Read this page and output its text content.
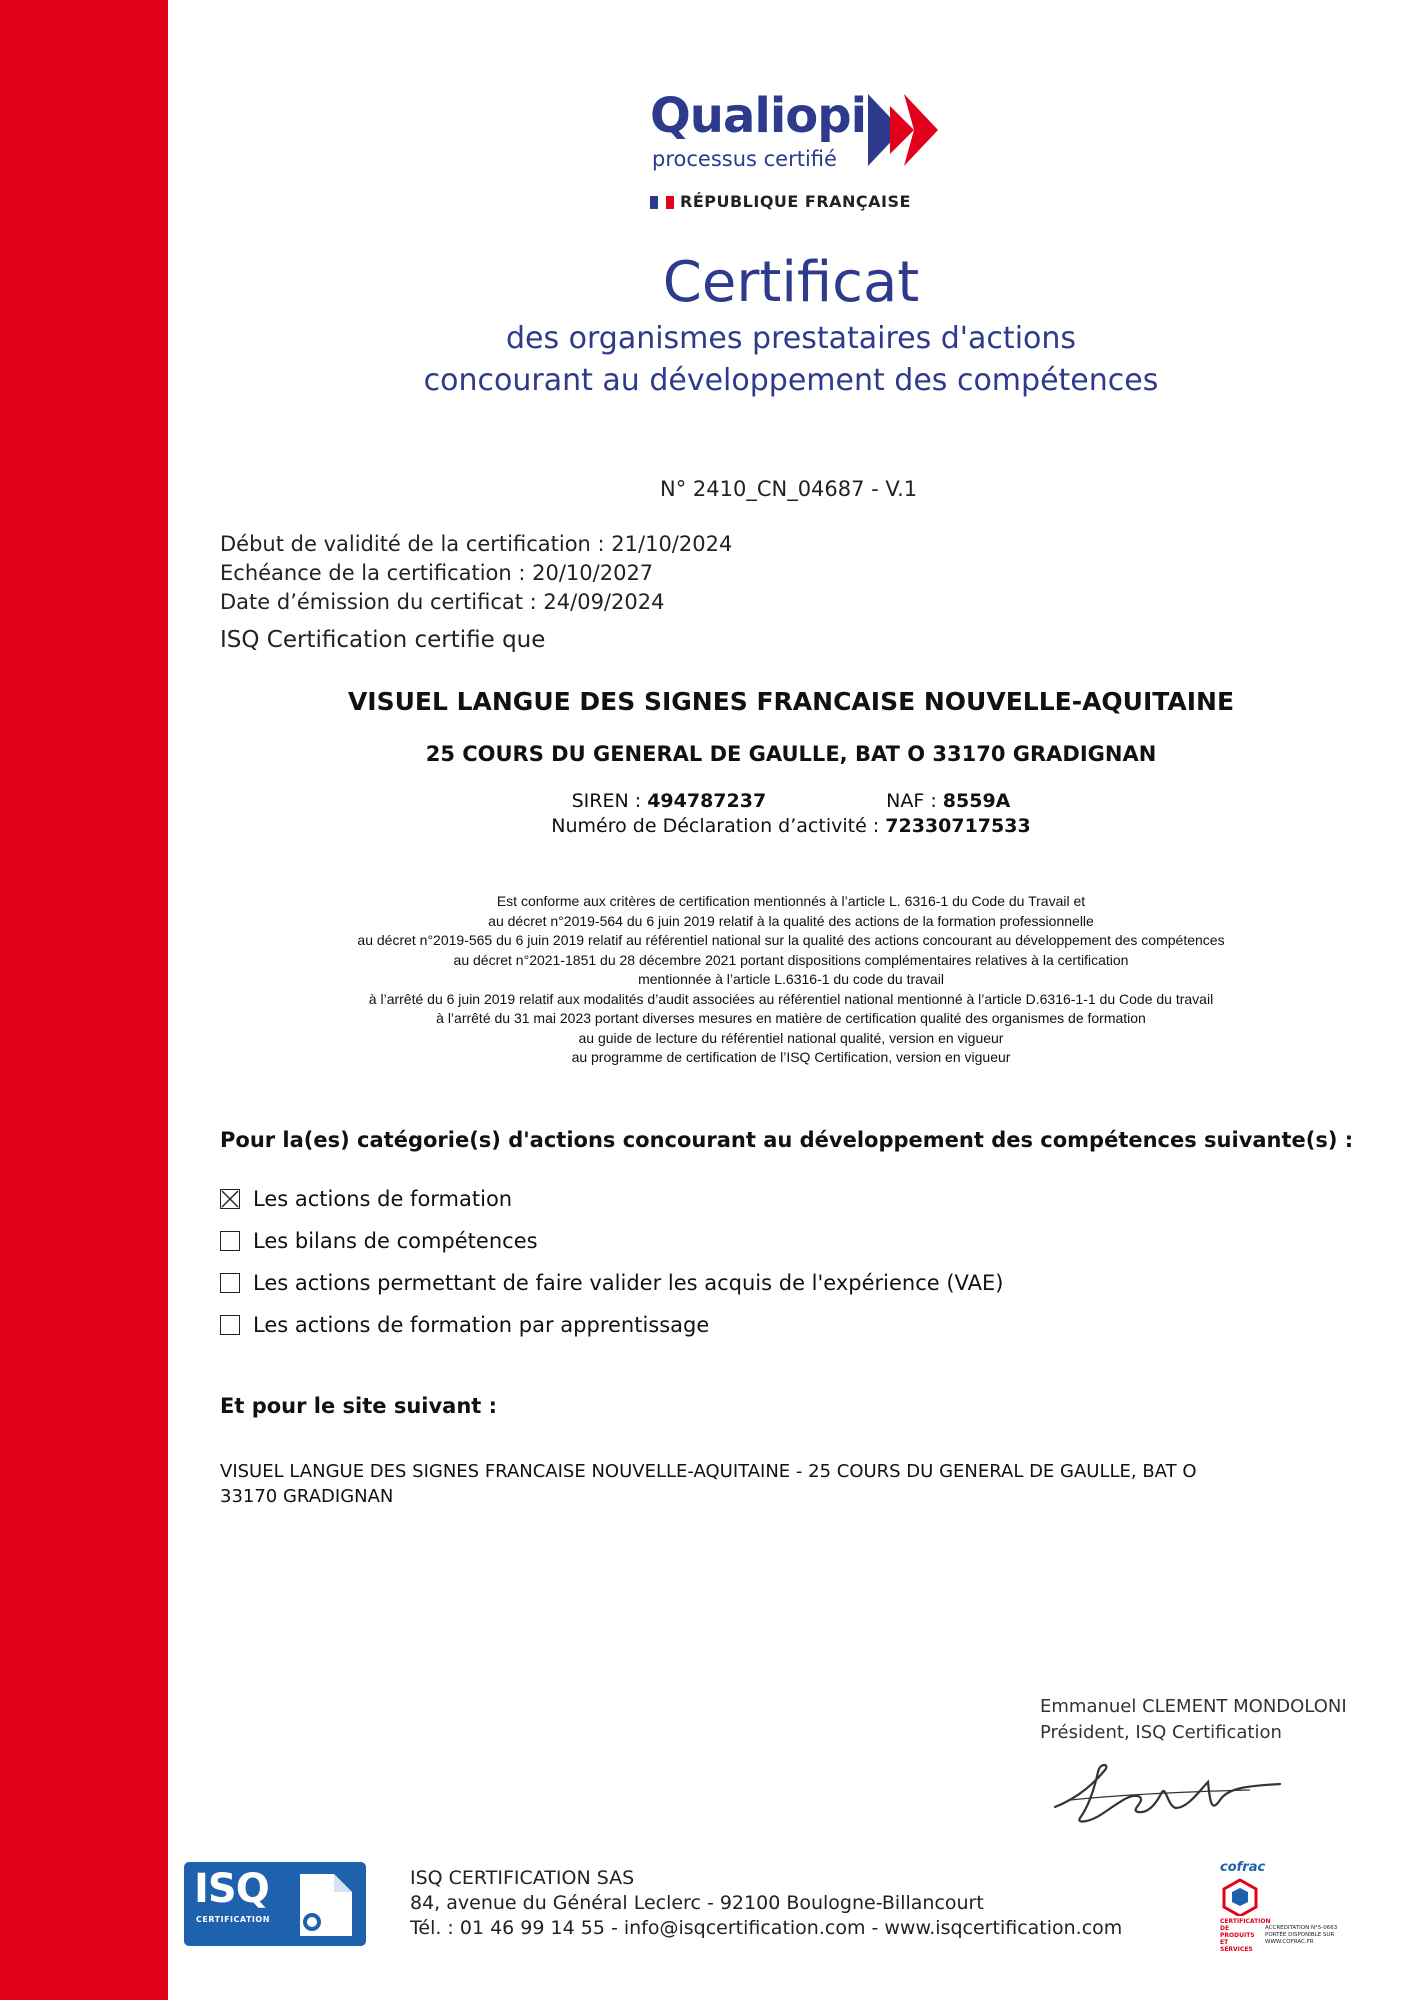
Qualiopi
processus certifié
RÉPUBLIQUE FRANÇAISE
Certificat
des organismes prestataires d'actions
concourant au développement des compétences
N° 2410_CN_04687 - V.1
Début de validité de la certification : 21/10/2024
Echéance de la certification : 20/10/2027
Date d’émission du certificat : 24/09/2024
ISQ Certification certifie que
VISUEL LANGUE DES SIGNES FRANCAISE NOUVELLE-AQUITAINE
25 COURS DU GENERAL DE GAULLE, BAT O 33170 GRADIGNAN
SIREN : 494787237	NAF : 8559A
Numéro de Déclaration d’activité : 72330717533
Est conforme aux critères de certification mentionnés à l’article L. 6316-1 du Code du Travail et
au décret n°2019-564 du 6 juin 2019 relatif à la qualité des actions de la formation professionnelle
au décret n°2019-565 du 6 juin 2019 relatif au référentiel national sur la qualité des actions concourant au développement des compétences
au décret n°2021-1851 du 28 décembre 2021 portant dispositions complémentaires relatives à la certification
mentionnée à l’article L.6316-1 du code du travail
à l’arrêté du 6 juin 2019 relatif aux modalités d’audit associées au référentiel national mentionné à l’article D.6316-1-1 du Code du travail
à l’arrêté du 31 mai 2023 portant diverses mesures en matière de certification qualité des organismes de formation
au guide de lecture du référentiel national qualité, version en vigueur
au programme de certification de l’ISQ Certification, version en vigueur
Pour la(es) catégorie(s) d'actions concourant au développement des compétences suivante(s) :
Les actions de formation
Les bilans de compétences
Les actions permettant de faire valider les acquis de l'expérience (VAE)
Les actions de formation par apprentissage
Et pour le site suivant :
VISUEL LANGUE DES SIGNES FRANCAISE NOUVELLE-AQUITAINE - 25 COURS DU GENERAL DE GAULLE, BAT O
33170 GRADIGNAN
Emmanuel CLEMENT MONDOLONI
Président, ISQ Certification
ISQ
CERTIFICATION
ISQ CERTIFICATION SAS
84, avenue du Général Leclerc - 92100 Boulogne-Billancourt
Tél. : 01 46 99 14 55 - info@isqcertification.com - www.isqcertification.com
cofrac
CERTIFICATION DE PRODUITS ET SERVICES
ACCREDITATION N°5-0663 PORTÉE DISPONIBLE SUR WWW.COFRAC.FR
